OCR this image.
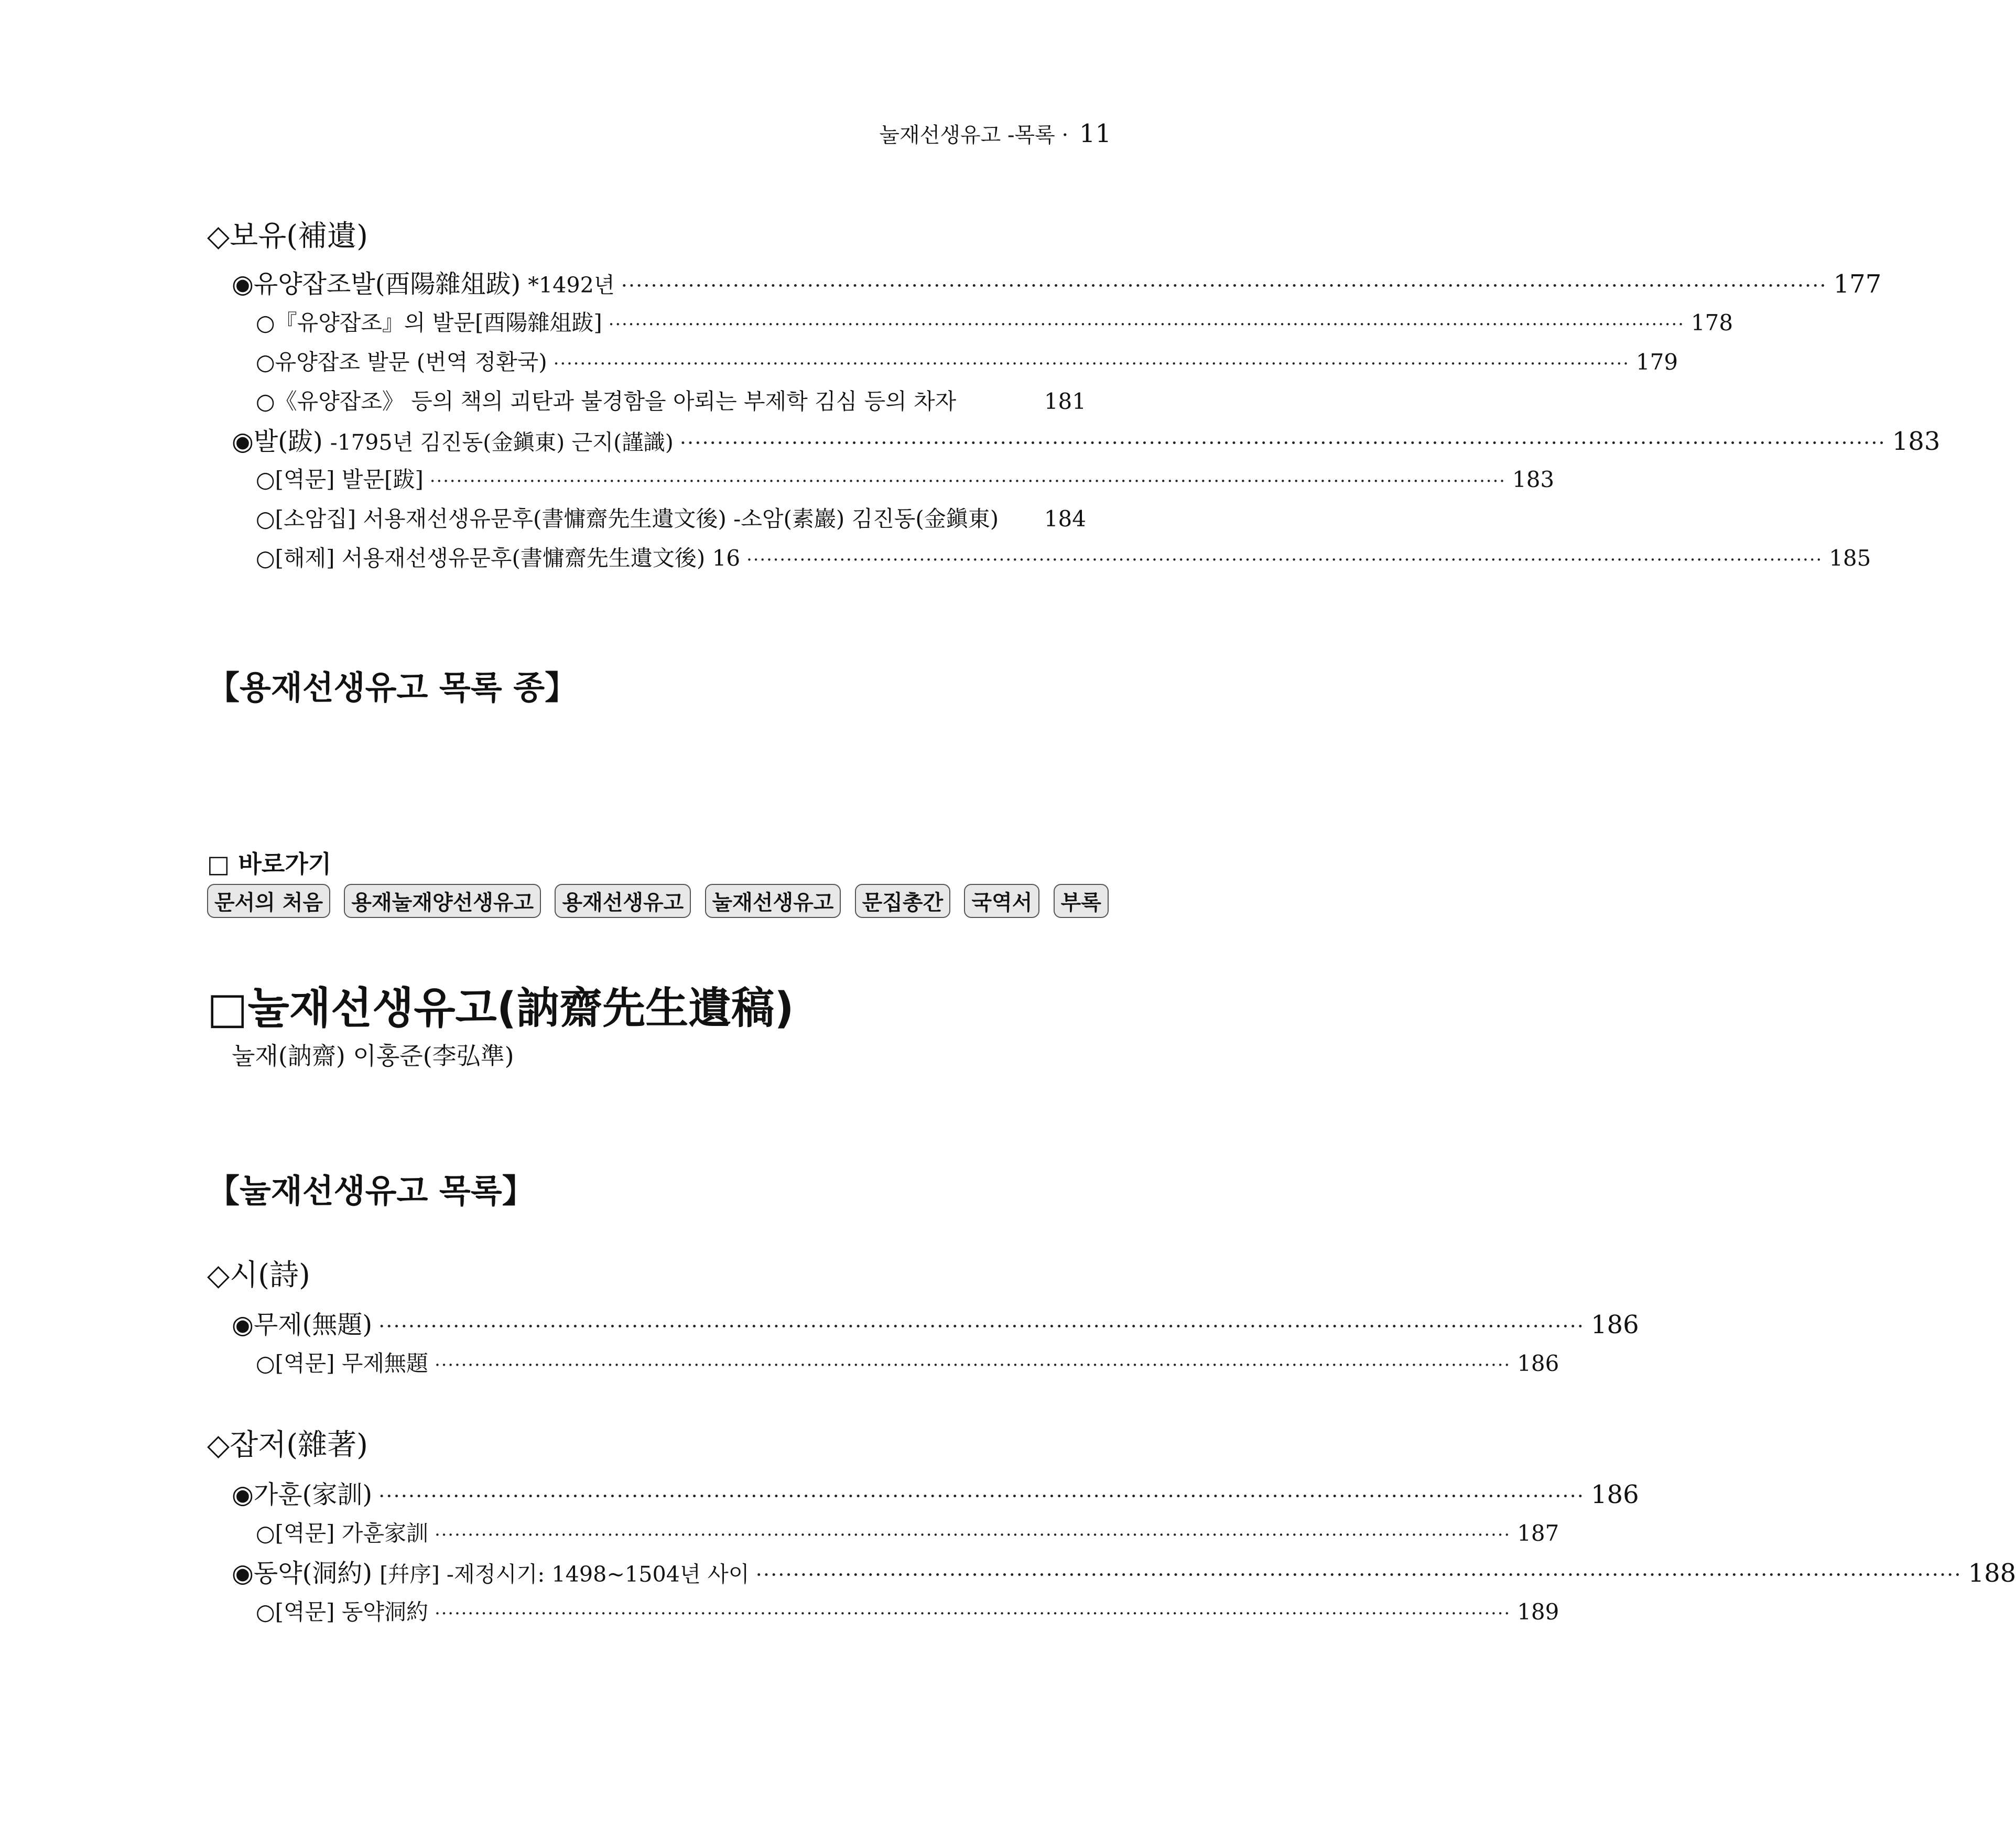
눌재선생유고 -목록 · 11
◇보유(補遺)
◉유양잡조발(酉陽雜俎跋) *1492년 ·································································································································································· 177
○『유양잡조』의 발문[酉陽雜俎跋] ·································································································································································· 178
○유양잡조 발문 (번역 정환국) ·································································································································································· 179
○《유양잡조》 등의 책의 괴탄과 불경함을 아뢰는 부제학 김심 등의 차자	181
◉발(跋) -1795년 김진동(金鎭東) 근지(謹識) ·································································································································································· 183
○[역문] 발문[跋] ·································································································································································· 183
○[소암집] 서용재선생유문후(書慵齋先生遺文後) -소암(素巖) 김진동(金鎭東) 184
○[해제] 서용재선생유문후(書慵齋先生遺文後) 16 ·································································································································································· 185
【용재선생유고 목록 종】
□ 바로가기
문서의 처음	용재눌재양선생유고	용재선생유고	눌재선생유고	문집총간	국역서	부록
□눌재선생유고(訥齋先生遺稿)
눌재(訥齋) 이홍준(李弘準)
【눌재선생유고 목록】
◇시(詩)
◉무제(無題) ·································································································································································· 186
○[역문] 무제無題 ·································································································································································· 186
◇잡저(雜著)
◉가훈(家訓) ·································································································································································· 186
○[역문] 가훈家訓 ·································································································································································· 187
◉동약(洞約) [幷序] -제정시기: 1498~1504년 사이 ·································································································································································· 188
○[역문] 동약洞約 ·································································································································································· 189
